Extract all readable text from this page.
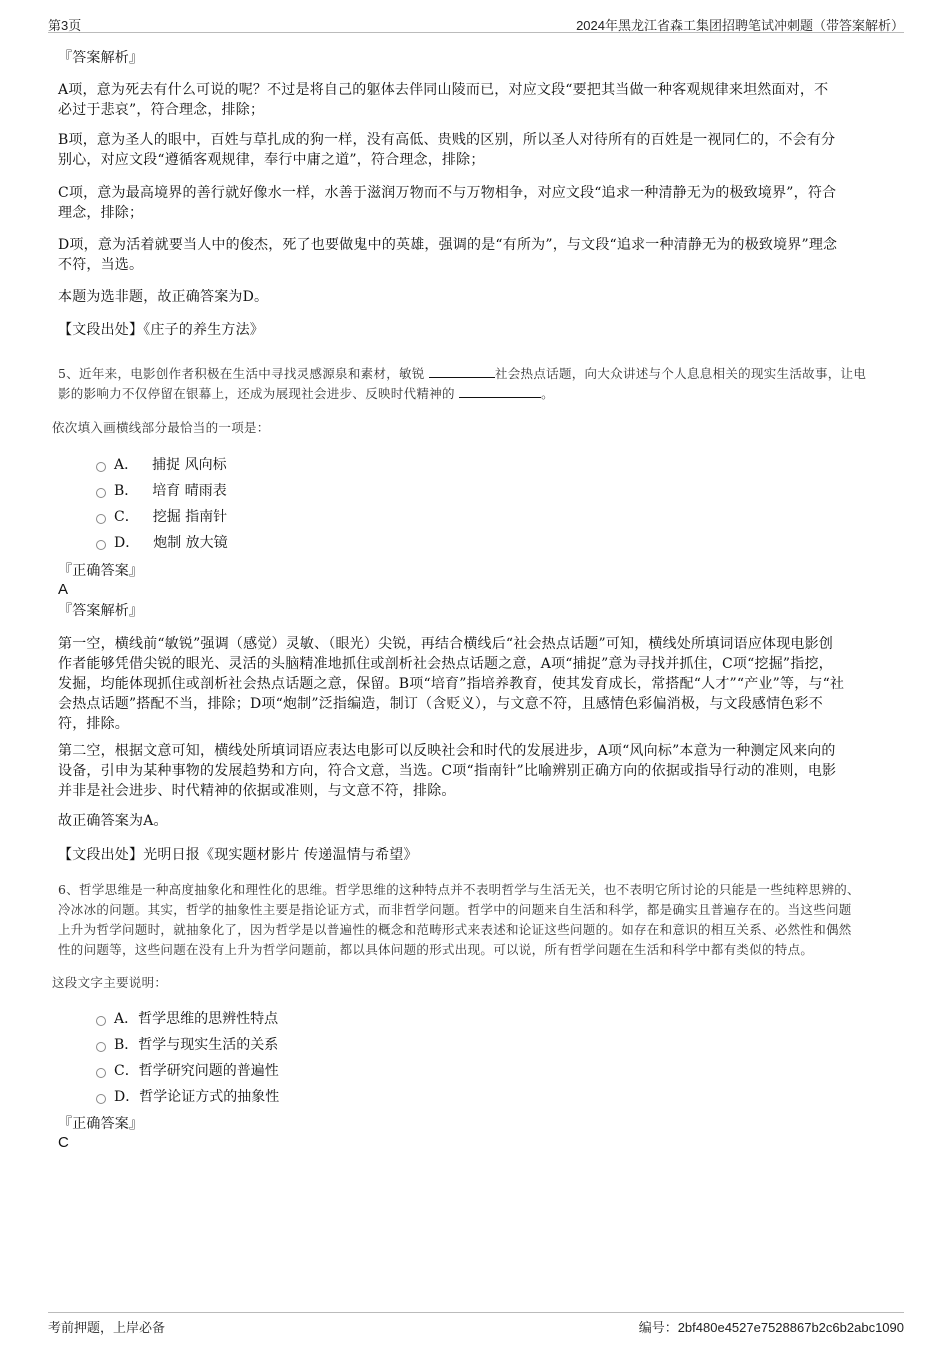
第3页	2024年黑龙江省森工集团招聘笔试冲刺题（带答案解析）

『答案解析』

A项，意为死去有什么可说的呢？不过是将自己的躯体去伴同山陵而已，对应文段“要把其当做一种客观规律来坦然面对，不

必过于悲哀”，符合理念，排除；

B项，意为圣人的眼中，百姓与草扎成的狗一样，没有高低、贵贱的区别，所以圣人对待所有的百姓是一视同仁的，不会有分

别心，对应文段“遵循客观规律，奉行中庸之道”，符合理念，排除；

C项，意为最高境界的善行就好像水一样，水善于滋润万物而不与万物相争，对应文段“追求一种清静无为的极致境界”，符合

理念，排除；

D项，意为活着就要当人中的俊杰，死了也要做鬼中的英雄，强调的是“有所为”，与文段“追求一种清静无为的极致境界”理念

不符，当选。

本题为选非题，故正确答案为D。

【文段出处】《庄子的养生方法》

5、近年来，电影创作者积极在生活中寻找灵感源泉和素材，敏锐	社会热点话题，向大众讲述与个人息息相关的现实生活故事，让电

影的影响力不仅停留在银幕上，还成为展现社会进步、反映时代精神的	。

依次填入画横线部分最恰当的一项是：

A． 捕捉 风向标
B． 培育 晴雨表
C． 挖掘 指南针
D． 炮制 放大镜

『正确答案』

A

『答案解析』

第一空，横线前“敏锐”强调（感觉）灵敏、（眼光）尖锐，再结合横线后“社会热点话题”可知，横线处所填词语应体现电影创

作者能够凭借尖锐的眼光、灵活的头脑精准地抓住或剖析社会热点话题之意，A项“捕捉”意为寻找并抓住，C项“挖掘”指挖，

发掘，均能体现抓住或剖析社会热点话题之意，保留。B项“培育”指培养教育，使其发育成长，常搭配“人才”“产业”等，与“社

会热点话题”搭配不当，排除；D项“炮制”泛指编造，制订（含贬义），与文意不符，且感情色彩偏消极，与文段感情色彩不

符，排除。

第二空，根据文意可知，横线处所填词语应表达电影可以反映社会和时代的发展进步，A项“风向标”本意为一种测定风来向的

设备，引申为某种事物的发展趋势和方向，符合文意，当选。C项“指南针”比喻辨别正确方向的依据或指导行动的准则，电影

并非是社会进步、时代精神的依据或准则，与文意不符，排除。

故正确答案为A。

【文段出处】光明日报《现实题材影片 传递温情与希望》

6、哲学思维是一种高度抽象化和理性化的思维。哲学思维的这种特点并不表明哲学与生活无关，也不表明它所讨论的只能是一些纯粹思辨的、

冷冰冰的问题。其实，哲学的抽象性主要是指论证方式，而非哲学问题。哲学中的问题来自生活和科学，都是确实且普遍存在的。当这些问题

上升为哲学问题时，就抽象化了，因为哲学是以普遍性的概念和范畴形式来表述和论证这些问题的。如存在和意识的相互关系、必然性和偶然

性的问题等，这些问题在没有上升为哲学问题前，都以具体问题的形式出现。可以说，所有哲学问题在生活和科学中都有类似的特点。

这段文字主要说明：

A． 哲学思维的思辨性特点
B． 哲学与现实生活的关系
C． 哲学研究问题的普遍性
D． 哲学论证方式的抽象性

『正确答案』

C

考前押题，上岸必备	编号：2bf480e4527e7528867b2c6b2abc1090
